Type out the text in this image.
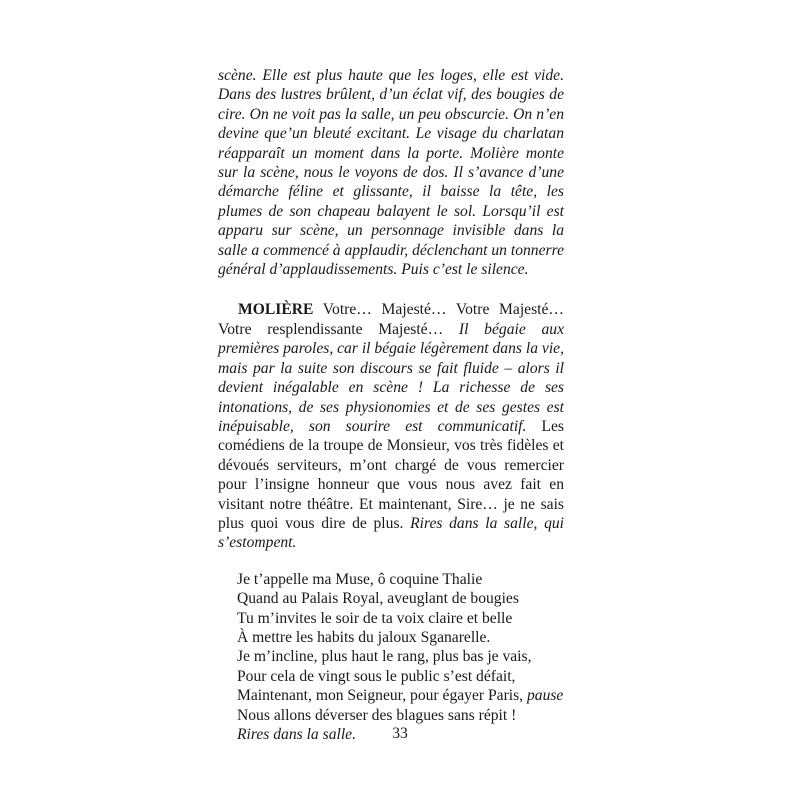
scène. Elle est plus haute que les loges, elle est vide. Dans des lustres brûlent, d’un éclat vif, des bougies de cire. On ne voit pas la salle, un peu obscurcie. On n’en devine que’un bleuté excitant. Le visage du charlatan réapparaît un moment dans la porte. Molière monte sur la scène, nous le voyons de dos. Il s’avance d’une démarche féline et glissante, il baisse la tête, les plumes de son chapeau balayent le sol. Lorsqu’il est apparu sur scène, un personnage invisible dans la salle a commencé à applaudir, déclenchant un tonnerre général d’applaudissements. Puis c’est le silence.

MOLIÈRE Votre… Majesté… Votre Majesté… Votre resplendissante Majesté… Il bégaie aux premières paroles, car il bégaie légèrement dans la vie, mais par la suite son discours se fait fluide – alors il devient inégalable en scène ! La richesse de ses intonations, de ses physionomies et de ses gestes est inépuisable, son sourire est communicatif. Les comédiens de la troupe de Monsieur, vos très fidèles et dévoués serviteurs, m’ont chargé de vous remercier pour l’insigne honneur que vous nous avez fait en visitant notre théâtre. Et maintenant, Sire… je ne sais plus quoi vous dire de plus. Rires dans la salle, qui s’estompent.

Je t’appelle ma Muse, ô coquine Thalie
Quand au Palais Royal, aveuglant de bougies
Tu m’invites le soir de ta voix claire et belle
À mettre les habits du jaloux Sganarelle.
Je m’incline, plus haut le rang, plus bas je vais,
Pour cela de vingt sous le public s’est défait,
Maintenant, mon Seigneur, pour égayer Paris, pause
Nous allons déverser des blagues sans répit !
Rires dans la salle.	33
